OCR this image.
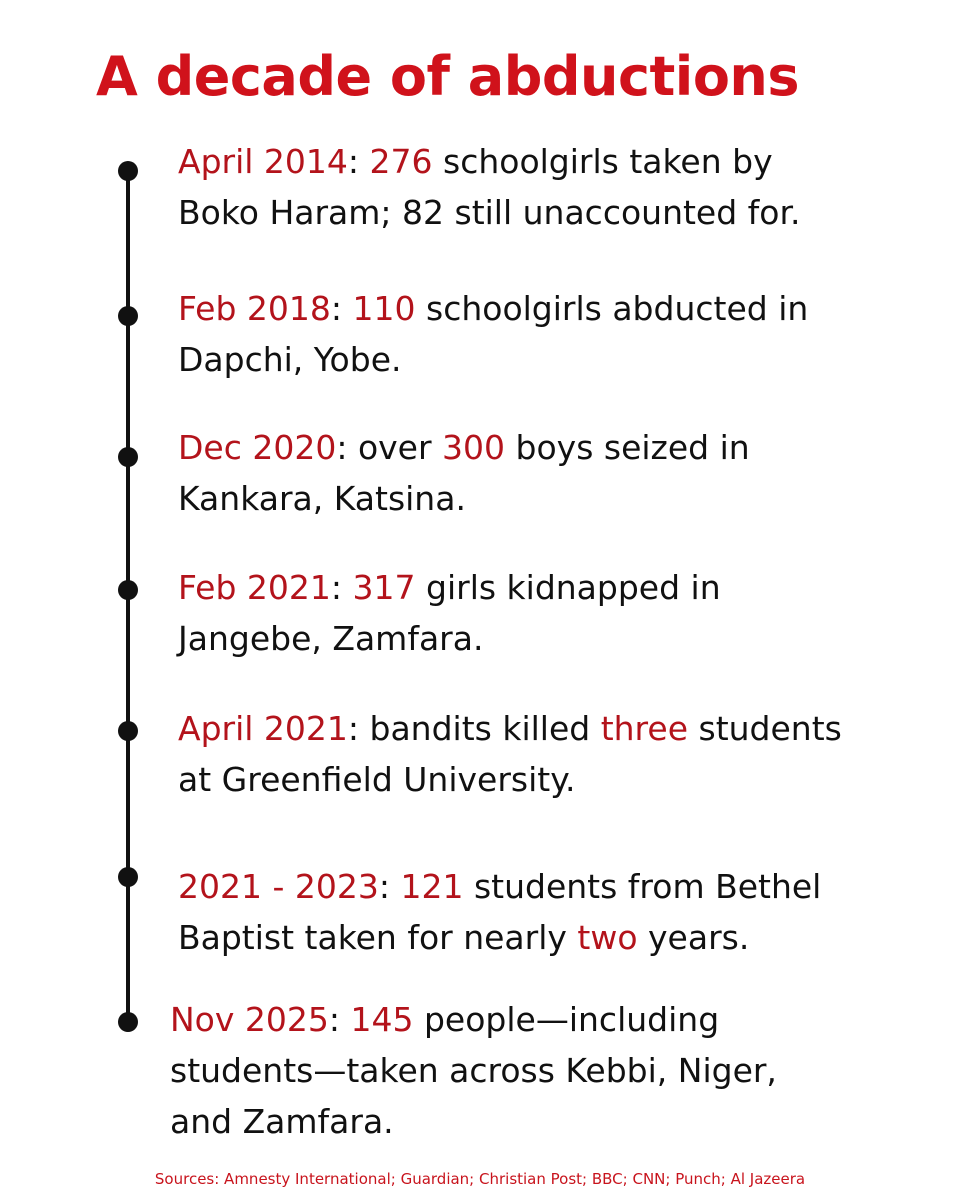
A decade of abductions

April 2014: 276 schoolgirls taken by
Boko Haram; 82 still unaccounted for.

Feb 2018: 110 schoolgirls abducted in
Dapchi, Yobe.

Dec 2020: over 300 boys seized in
Kankara, Katsina.

Feb 2021: 317 girls kidnapped in
Jangebe, Zamfara.

April 2021: bandits killed three students
at Greenfield University.

2021 - 2023: 121 students from Bethel
Baptist taken for nearly two years.

Nov 2025: 145 people—including
students—taken across Kebbi, Niger,
and Zamfara.

Sources: Amnesty International; Guardian; Christian Post; BBC; CNN; Punch; Al Jazeera
